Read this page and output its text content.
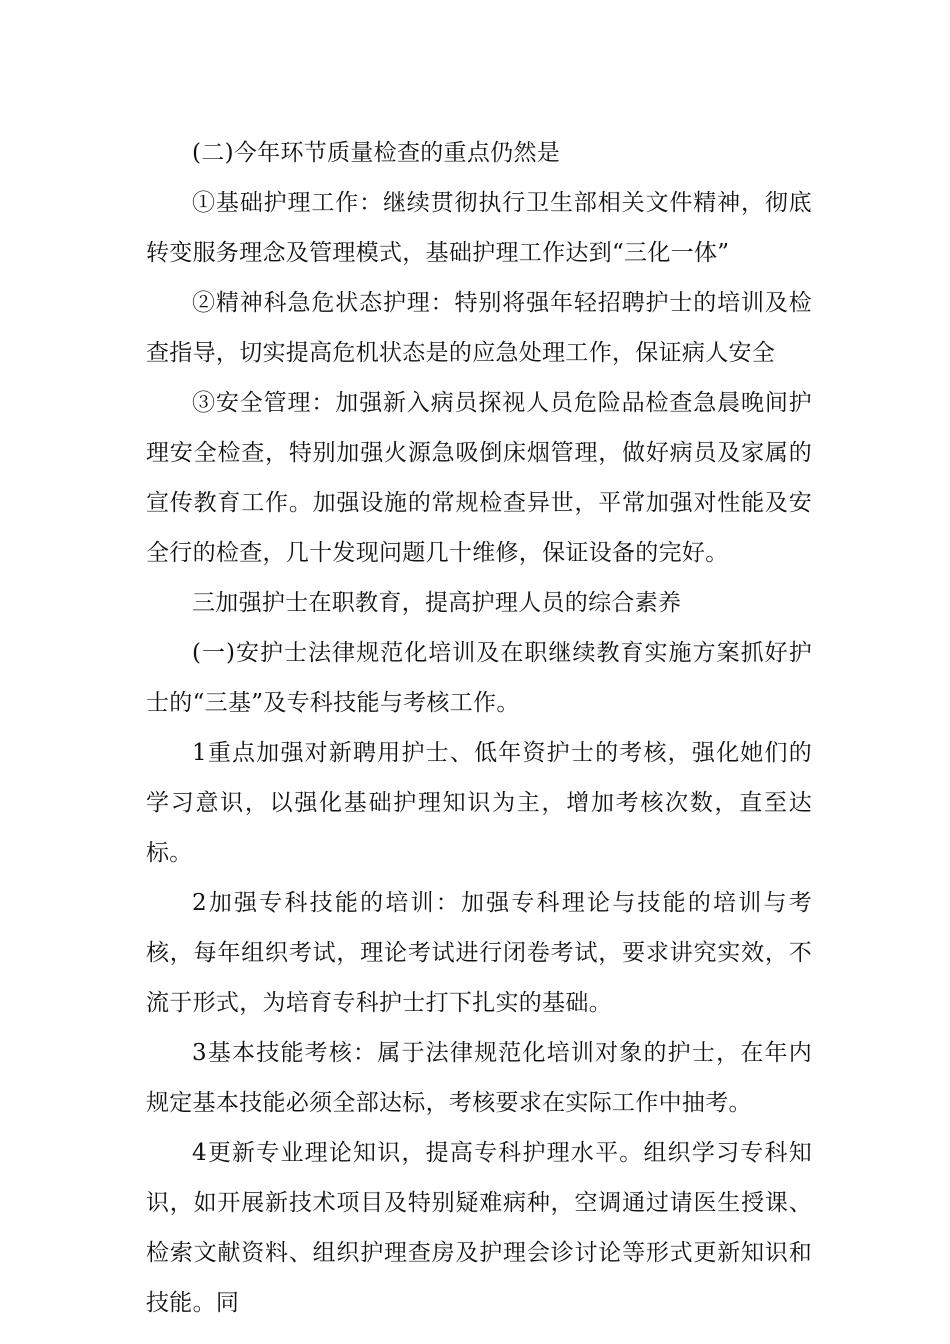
(二)今年环节质量检查的重点仍然是

①基础护理工作：继续贯彻执行卫生部相关文件精神，彻底转变服务理念及管理模式，基础护理工作达到“三化一体”

②精神科急危状态护理：特别将强年轻招聘护士的培训及检查指导，切实提高危机状态是的应急处理工作，保证病人安全

③安全管理：加强新入病员探视人员危险品检查急晨晚间护理安全检查，特别加强火源急吸倒床烟管理，做好病员及家属的宣传教育工作。加强设施的常规检查异世，平常加强对性能及安全行的检查，几十发现问题几十维修，保证设备的完好。

三加强护士在职教育，提高护理人员的综合素养

(一)安护士法律规范化培训及在职继续教育实施方案抓好护士的“三基”及专科技能与考核工作。

1重点加强对新聘用护士、低年资护士的考核，强化她们的学习意识，以强化基础护理知识为主，增加考核次数，直至达标。

2加强专科技能的培训：加强专科理论与技能的培训与考核，每年组织考试，理论考试进行闭卷考试，要求讲究实效，不流于形式，为培育专科护士打下扎实的基础。

3基本技能考核：属于法律规范化培训对象的护士，在年内规定基本技能必须全部达标，考核要求在实际工作中抽考。

4更新专业理论知识，提高专科护理水平。组织学习专科知识，如开展新技术项目及特别疑难病种，空调通过请医生授课、检索文献资料、组织护理查房及护理会诊讨论等形式更新知识和技能。同
